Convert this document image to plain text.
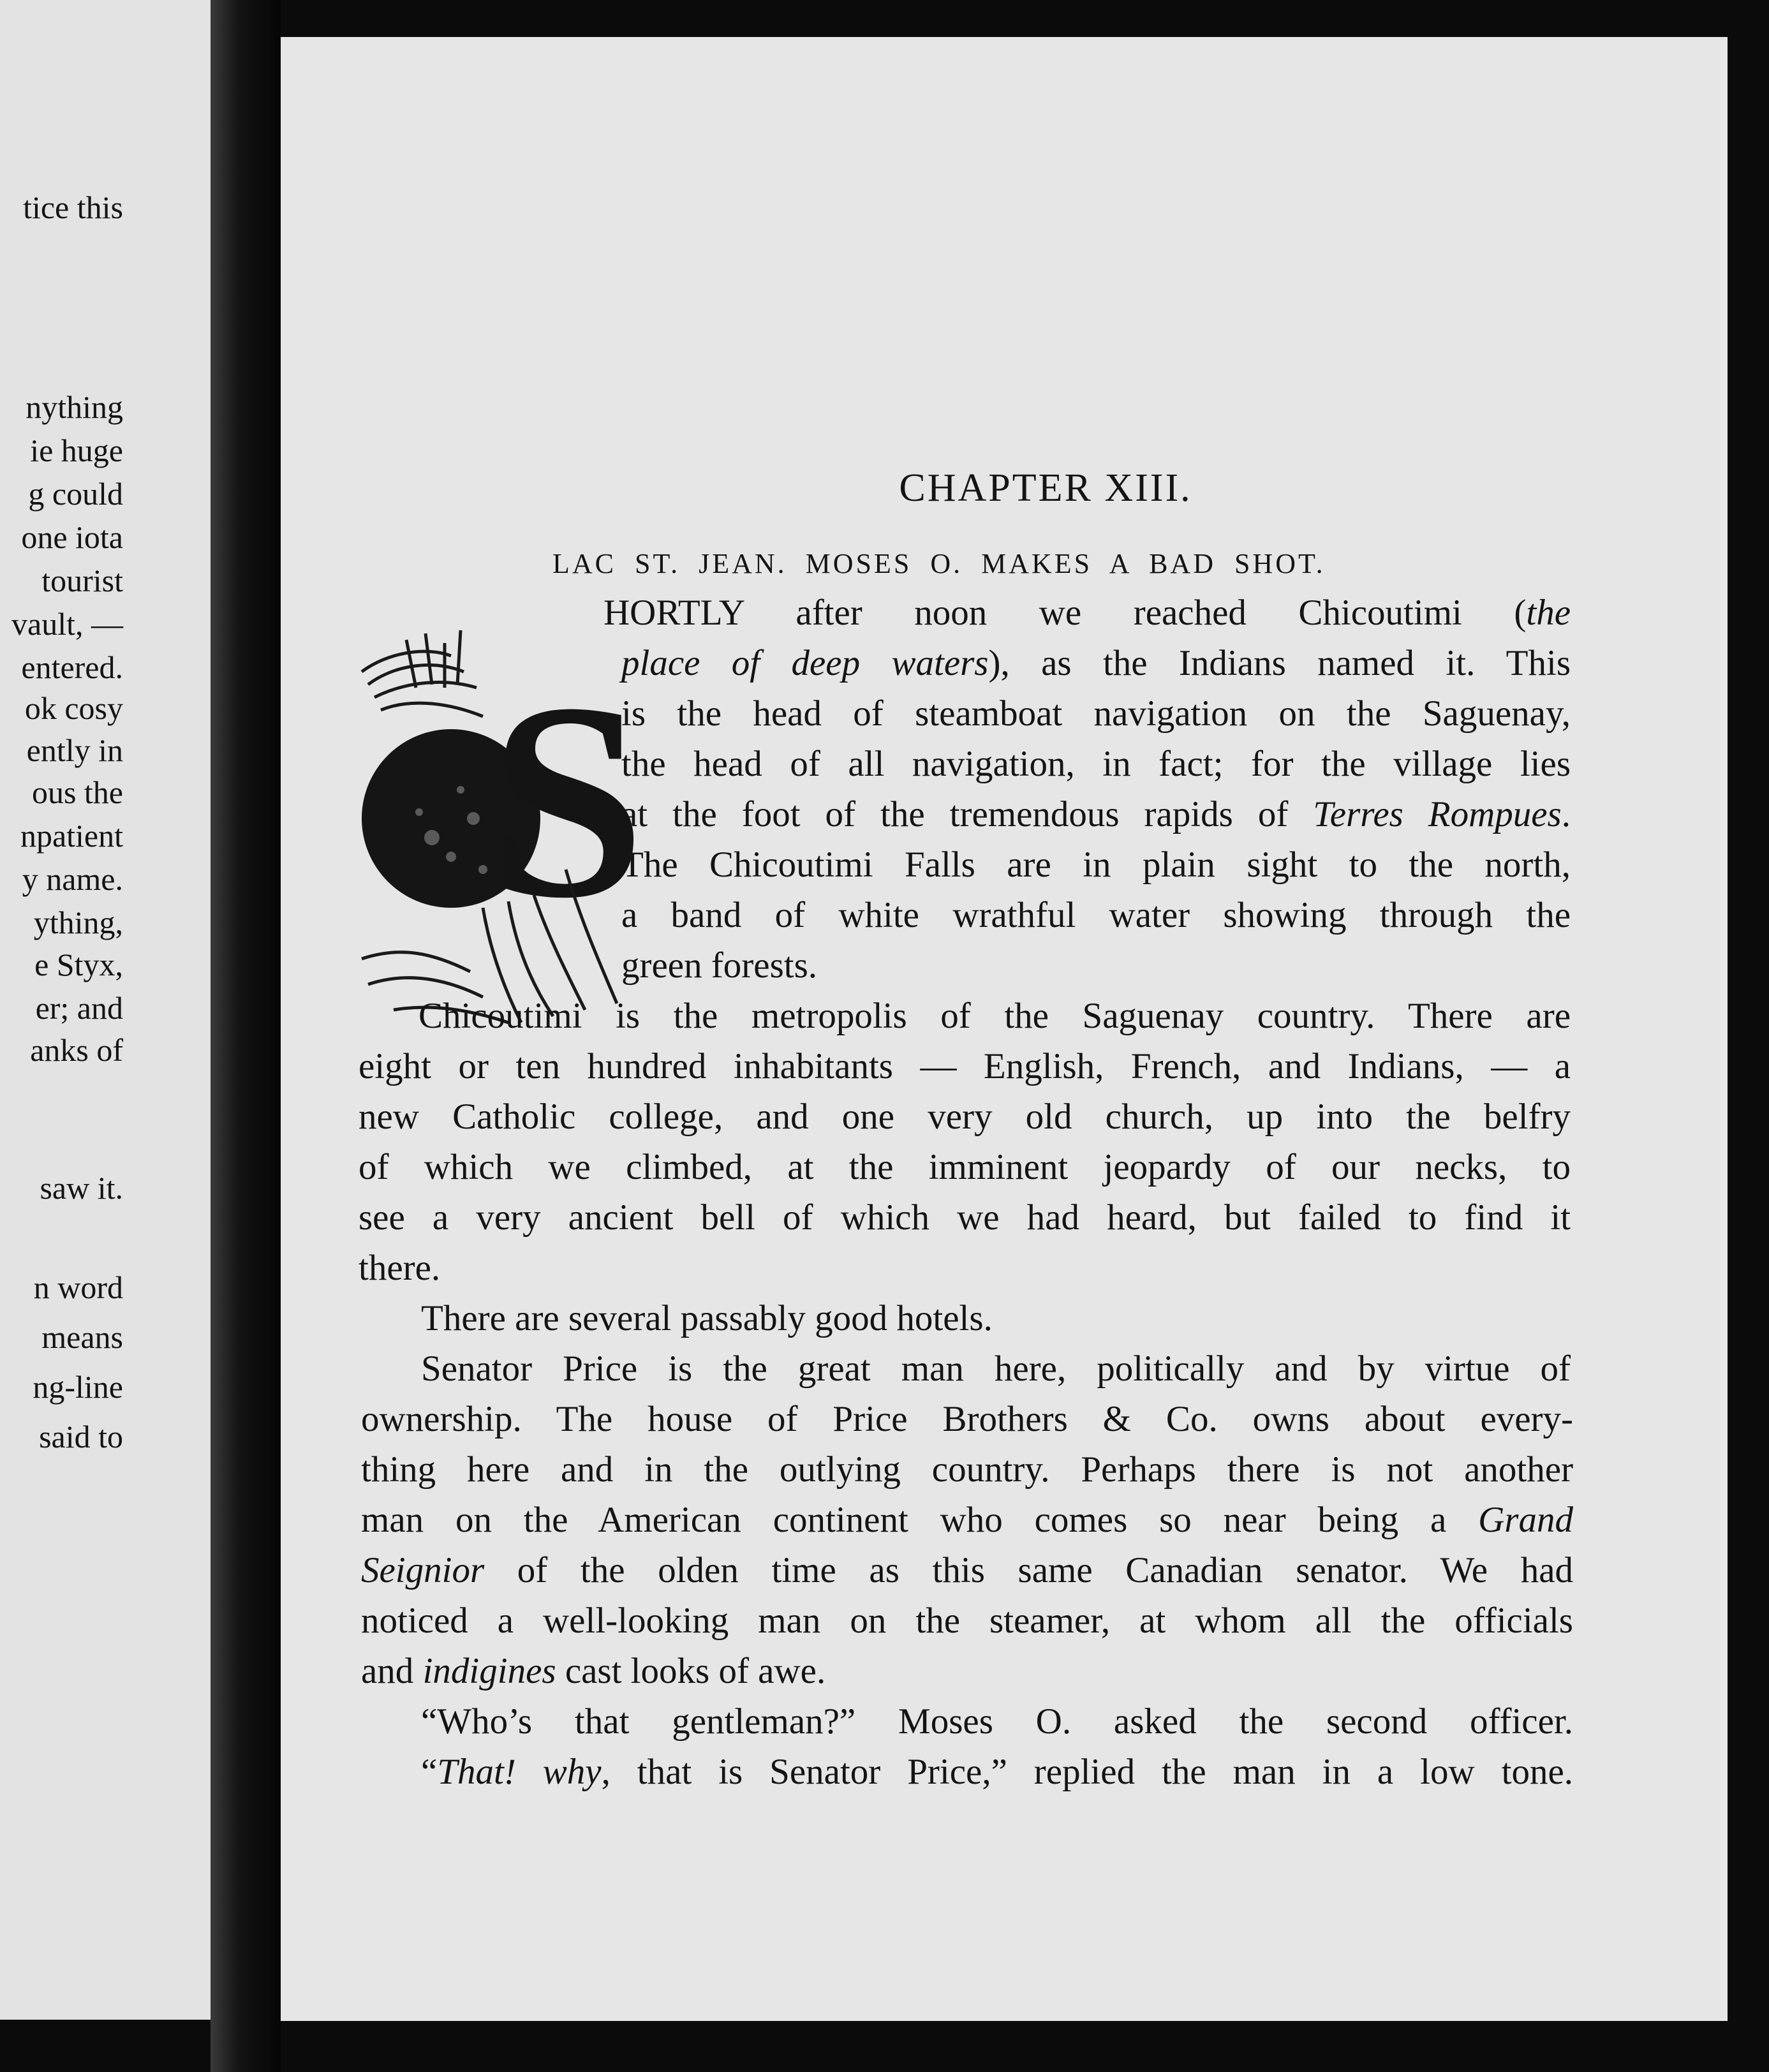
tice this
nything
ie huge
g could
one iota
tourist
vault, —
entered.
ok cosy
ently in
ous the
npatient
y name.
ything,
e Styx,
er; and
anks of
saw it.
n word
means
ng-line
said to
CHAPTER XIII.
LAC ST. JEAN. MOSES O. MAKES A BAD SHOT.
S
HORTLY after noon we reached Chicoutimi (the
place of deep waters), as the Indians named it. This
is the head of steamboat navigation on the Saguenay,
the head of all navigation, in fact; for the village lies
at the foot of the tremendous rapids of Terres Rompues.
The Chicoutimi Falls are in plain sight to the north,
a band of white wrathful water showing through the
green forests.
Chicoutimi is the metropolis of the Saguenay country. There are
eight or ten hundred inhabitants — English, French, and Indians, — a
new Catholic college, and one very old church, up into the belfry
of which we climbed, at the imminent jeopardy of our necks, to
see a very ancient bell of which we had heard, but failed to find it
there.
There are several passably good hotels.
Senator Price is the great man here, politically and by virtue of
ownership. The house of Price Brothers & Co. owns about every-
thing here and in the outlying country. Perhaps there is not another
man on the American continent who comes so near being a Grand
Seignior of the olden time as this same Canadian senator. We had
noticed a well-looking man on the steamer, at whom all the officials
and indigines cast looks of awe.
“Who’s that gentleman?” Moses O. asked the second officer.
“That! why, that is Senator Price,” replied the man in a low tone.
